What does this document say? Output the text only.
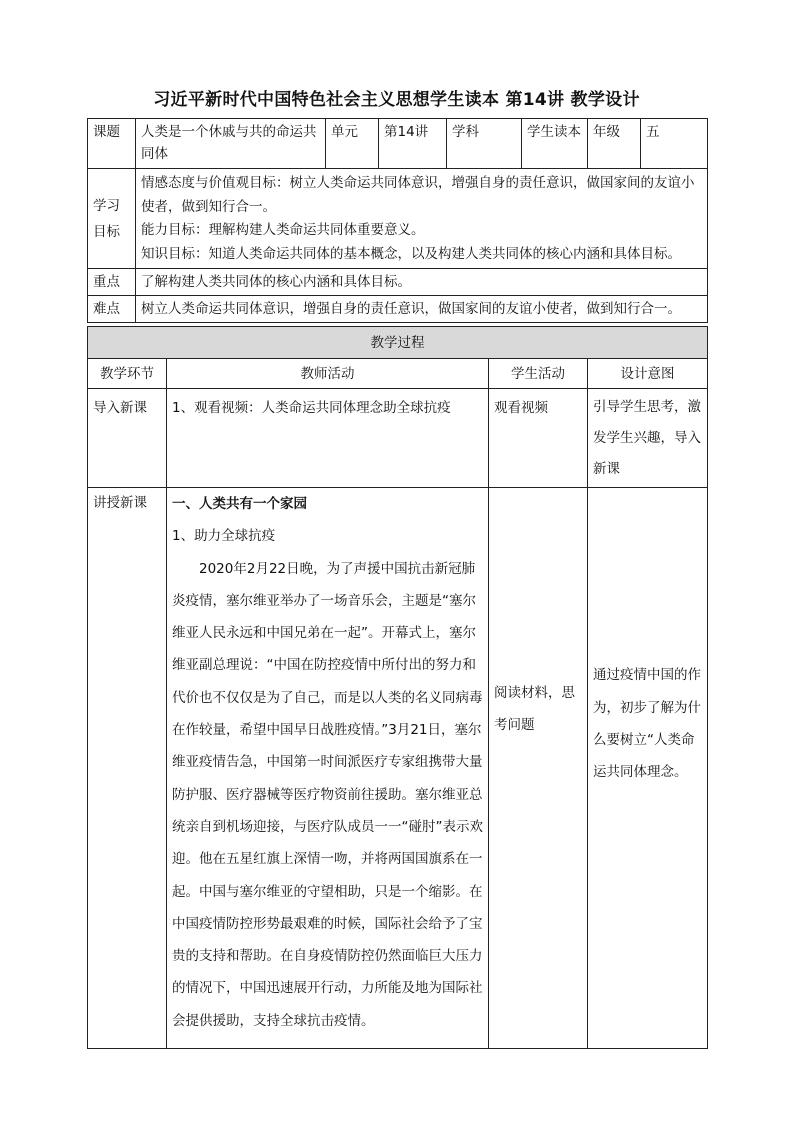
习近平新时代中国特色社会主义思想学生读本 第14讲 教学设计
课题	人类是一个休戚与共的命运共同体	单元	第14讲	学科	学生读本	年级	五
学习目标	情感态度与价值观目标：树立人类命运共同体意识，增强自身的责任意识，做国家间的友谊小使者，做到知行合一。
能力目标：理解构建人类命运共同体重要意义。
知识目标：知道人类命运共同体的基本概念，以及构建人类共同体的核心内涵和具体目标。						

重点	了解构建人类共同体的核心内涵和具体目标。						
难点	树立人类命运共同体意识，增强自身的责任意识，做国家间的友谊小使者，做到知行合一。						
教学过程			
教学环节	教师活动	学生活动	设计意图
导入新课	1、观看视频：人类命运共同体理念助全球抗疫	观看视频	引导学生思考，激发学生兴趣，导入新课
讲授新课	一、人类共有一个家园

1、助力全球抗疫

2020年2月22日晚，为了声援中国抗击新冠肺炎疫情，塞尔维亚举办了一场音乐会，主题是“塞尔维亚人民永远和中国兄弟在一起”。开幕式上，塞尔维亚副总理说：“中国在防控疫情中所付出的努力和代价也不仅仅是为了自己，而是以人类的名义同病毒在作较量，希望中国早日战胜疫情。”3月21日，塞尔维亚疫情告急，中国第一时间派医疗专家组携带大量防护服、医疗器械等医疗物资前往援助。塞尔维亚总统亲自到机场迎接，与医疗队成员一一“碰肘”表示欢迎。他在五星红旗上深情一吻，并将两国国旗系在一起。中国与塞尔维亚的守望相助，只是一个缩影。在中国疫情防控形势最艰难的时候，国际社会给予了宝贵的支持和帮助。在自身疫情防控仍然面临巨大压力的情况下，中国迅速展开行动，力所能及地为国际社会提供援助，支持全球抗击疫情。	阅读材料，思考问题	通过疫情中国的作为，初步了解为什么要树立“人类命运共同体理念。
